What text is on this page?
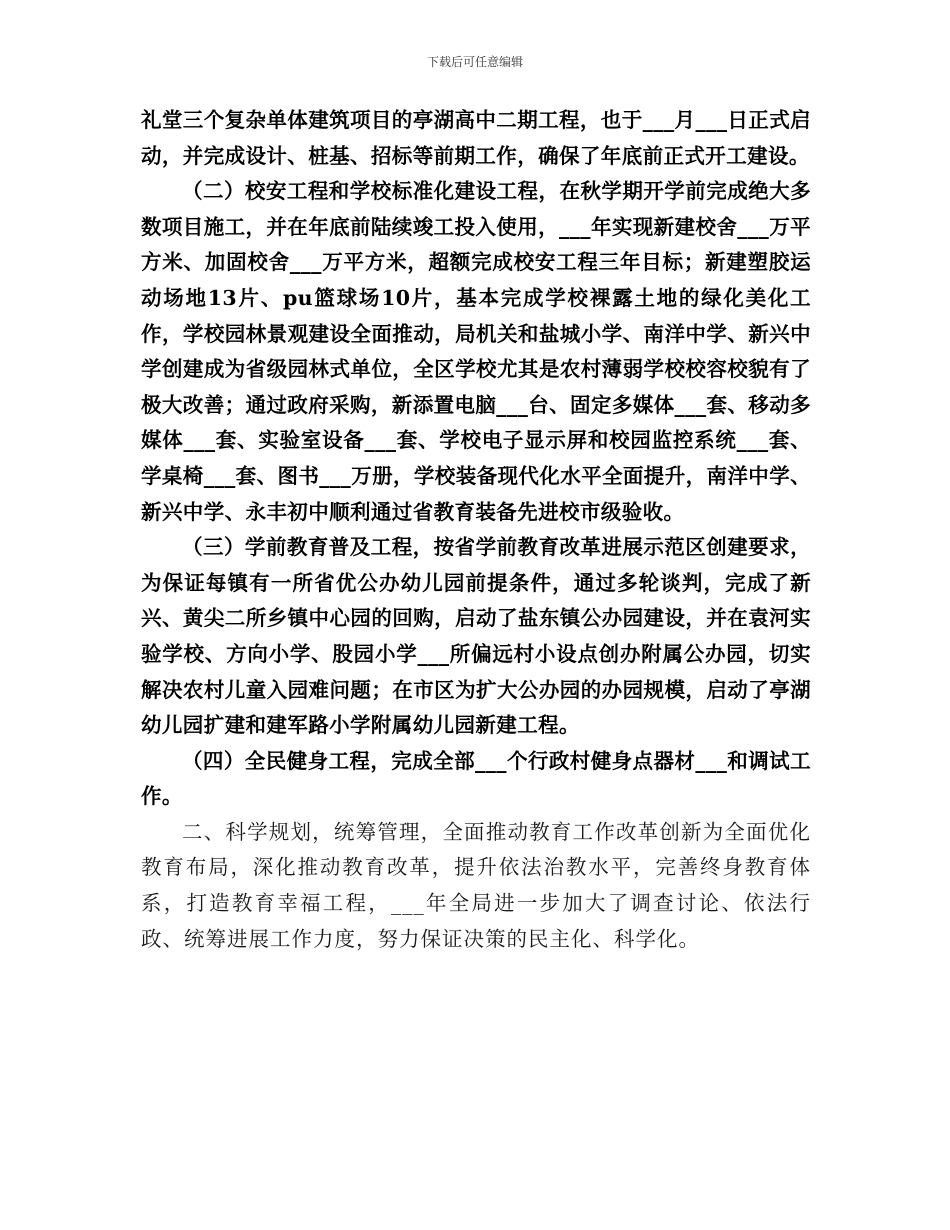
下载后可任意编辑

礼堂三个复杂单体建筑项目的亭湖高中二期工程，也于___月___日正式启动，并完成设计、桩基、招标等前期工作，确保了年底前正式开工建设。

（二）校安工程和学校标准化建设工程，在秋学期开学前完成绝大多数项目施工，并在年底前陆续竣工投入使用，___年实现新建校舍___万平方米、加固校舍___万平方米，超额完成校安工程三年目标；新建塑胶运动场地13片、pu篮球场10片，基本完成学校裸露土地的绿化美化工作，学校园林景观建设全面推动，局机关和盐城小学、南洋中学、新兴中学创建成为省级园林式单位，全区学校尤其是农村薄弱学校校容校貌有了极大改善；通过政府采购，新添置电脑___台、固定多媒体___套、移动多媒体___套、实验室设备___套、学校电子显示屏和校园监控系统___套、学桌椅___套、图书___万册，学校装备现代化水平全面提升，南洋中学、新兴中学、永丰初中顺利通过省教育装备先进校市级验收。

（三）学前教育普及工程，按省学前教育改革进展示范区创建要求，为保证每镇有一所省优公办幼儿园前提条件，通过多轮谈判，完成了新兴、黄尖二所乡镇中心园的回购，启动了盐东镇公办园建设，并在袁河实验学校、方向小学、股园小学___所偏远村小设点创办附属公办园，切实解决农村儿童入园难问题；在市区为扩大公办园的办园规模，启动了亭湖幼儿园扩建和建军路小学附属幼儿园新建工程。

（四）全民健身工程，完成全部___个行政村健身点器材___和调试工作。

二、科学规划，统筹管理，全面推动教育工作改革创新为全面优化教育布局，深化推动教育改革，提升依法治教水平，完善终身教育体系，打造教育幸福工程，___年全局进一步加大了调查讨论、依法行政、统筹进展工作力度，努力保证决策的民主化、科学化。
